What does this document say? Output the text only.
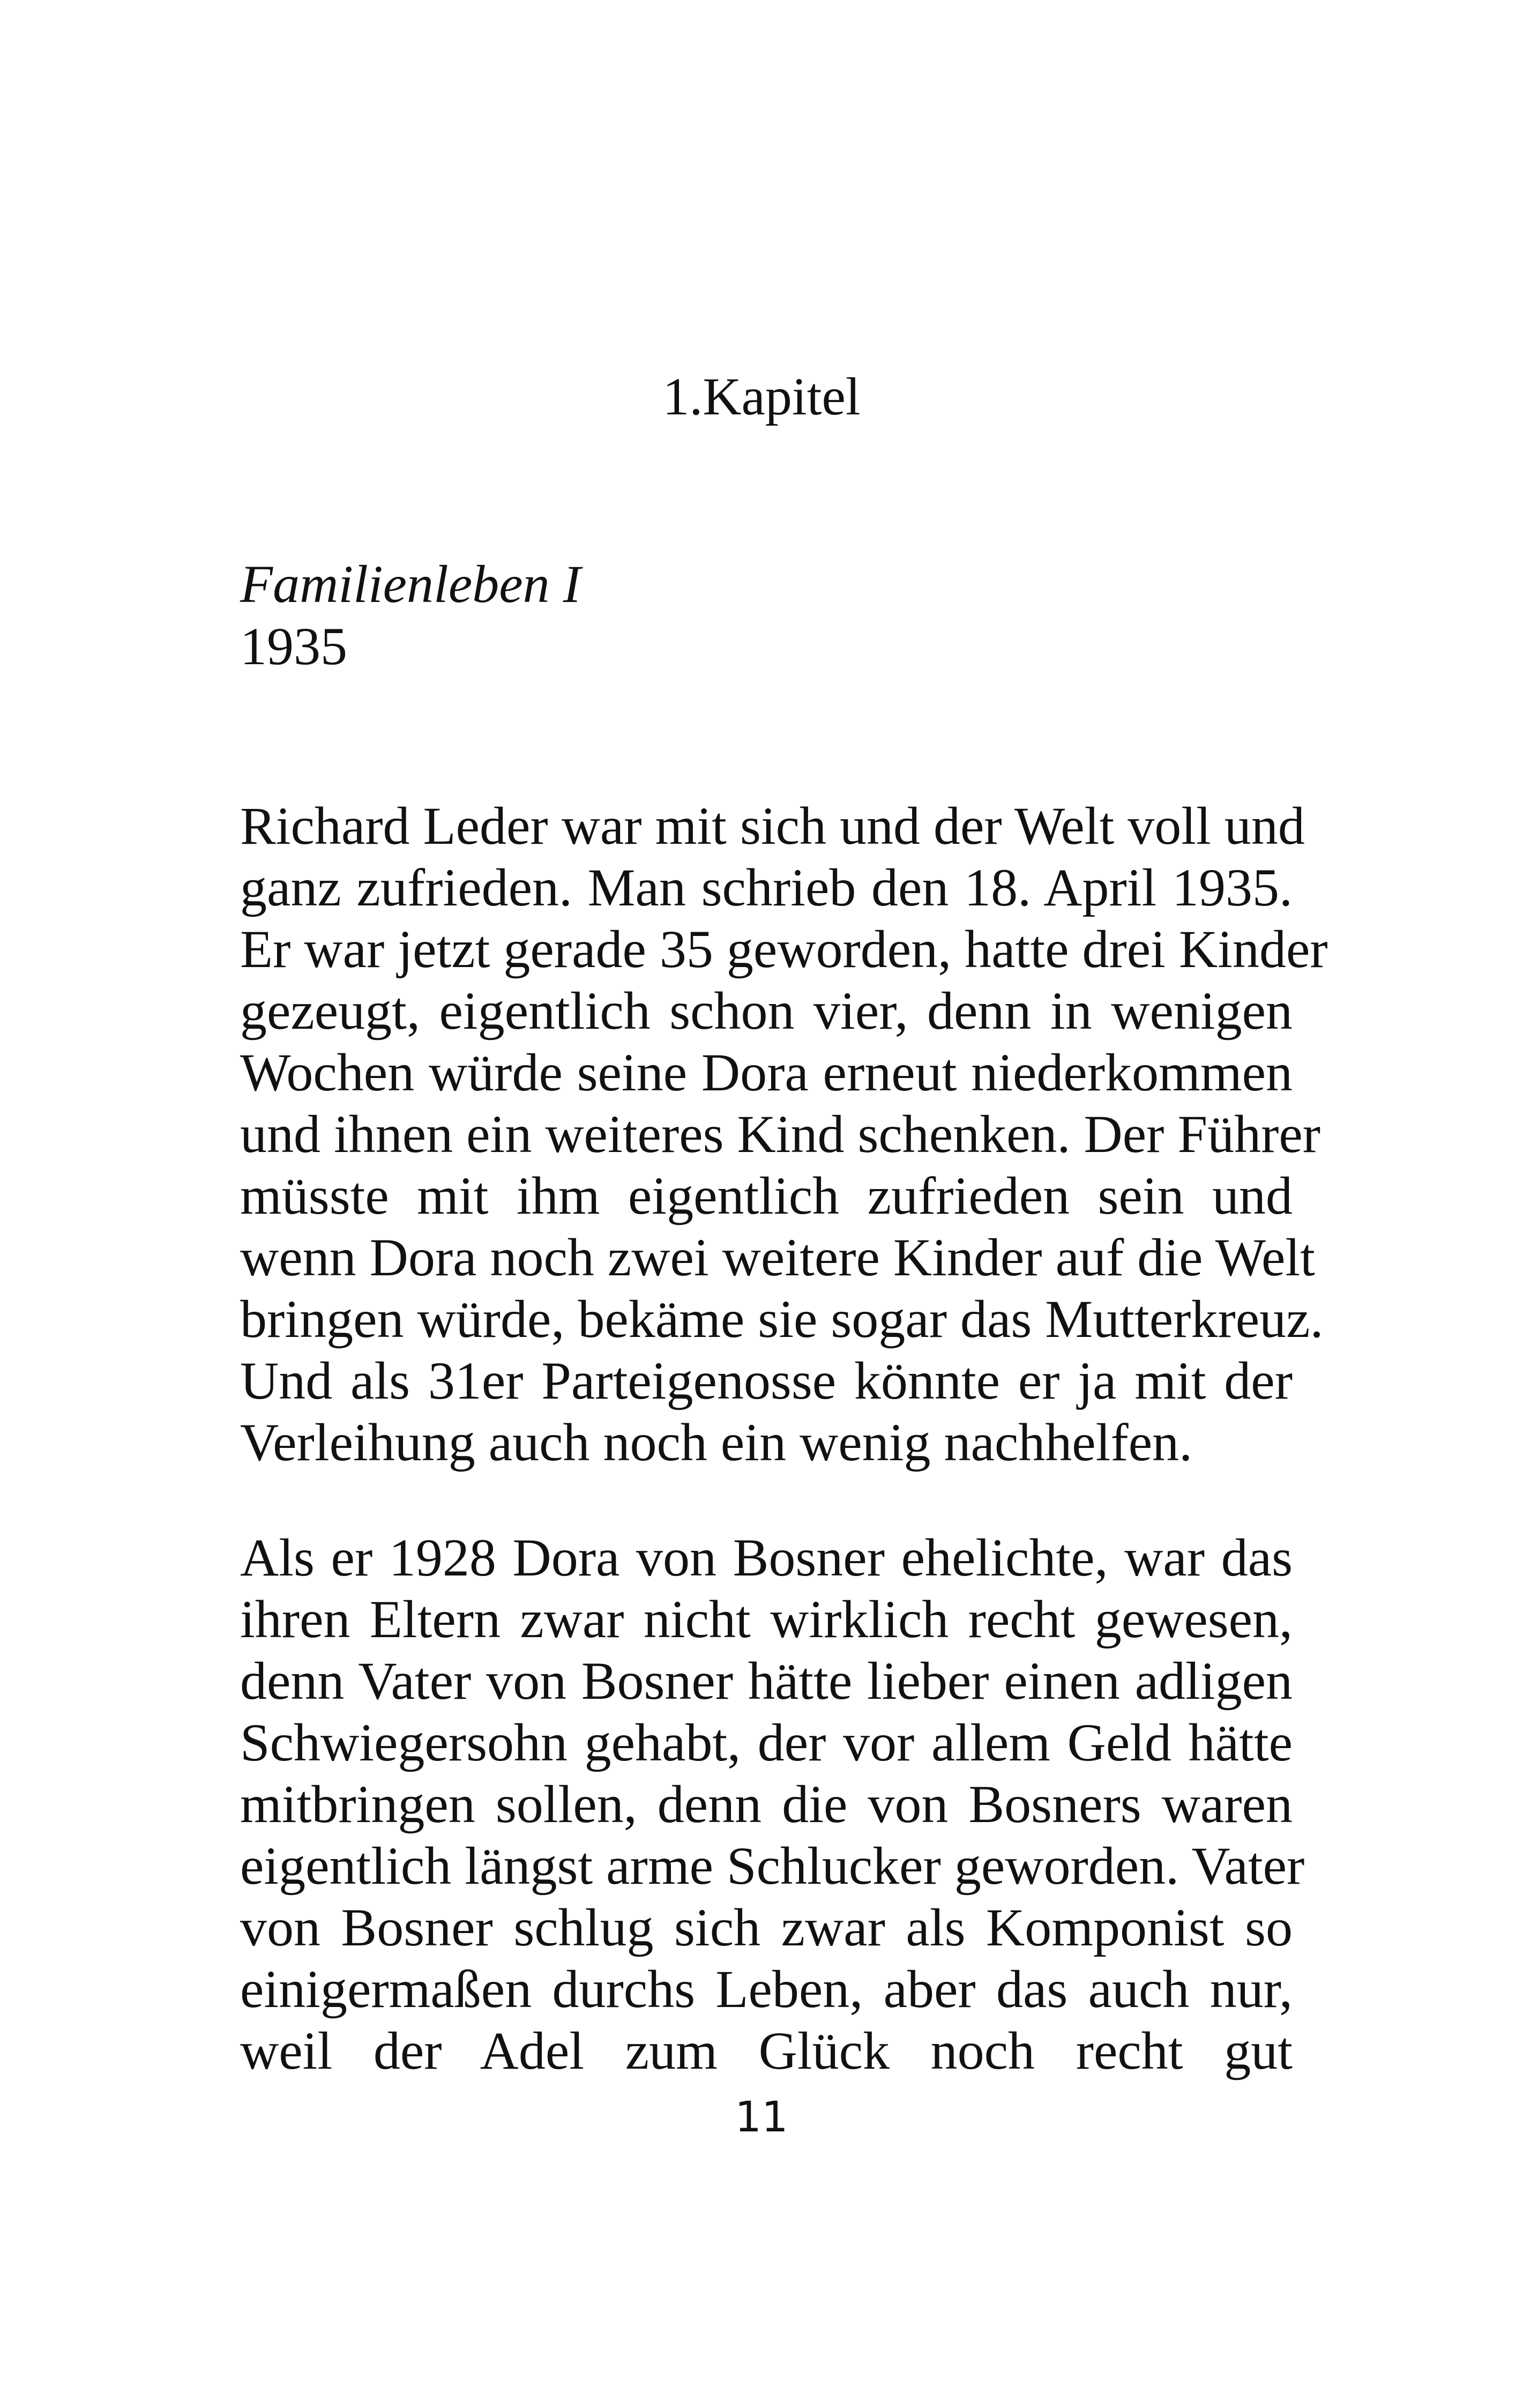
1.Kapitel
Familienleben I
1935

Richard Leder war mit sich und der Welt voll und
ganz zufrieden. Man schrieb den 18. April 1935.
Er war jetzt gerade 35 geworden, hatte drei Kinder
gezeugt, eigentlich schon vier, denn in wenigen
Wochen würde seine Dora erneut niederkommen
und ihnen ein weiteres Kind schenken. Der Führer
müsste mit ihm eigentlich zufrieden sein und
wenn Dora noch zwei weitere Kinder auf die Welt
bringen würde, bekäme sie sogar das Mutterkreuz.
Und als 31er Parteigenosse könnte er ja mit der
Verleihung auch noch ein wenig nachhelfen.

Als er 1928 Dora von Bosner ehelichte, war das
ihren Eltern zwar nicht wirklich recht gewesen,
denn Vater von Bosner hätte lieber einen adligen
Schwiegersohn gehabt, der vor allem Geld hätte
mitbringen sollen, denn die von Bosners waren
eigentlich längst arme Schlucker geworden. Vater
von Bosner schlug sich zwar als Komponist so
einigermaßen durchs Leben, aber das auch nur,
weil der Adel zum Glück noch recht gut

11
